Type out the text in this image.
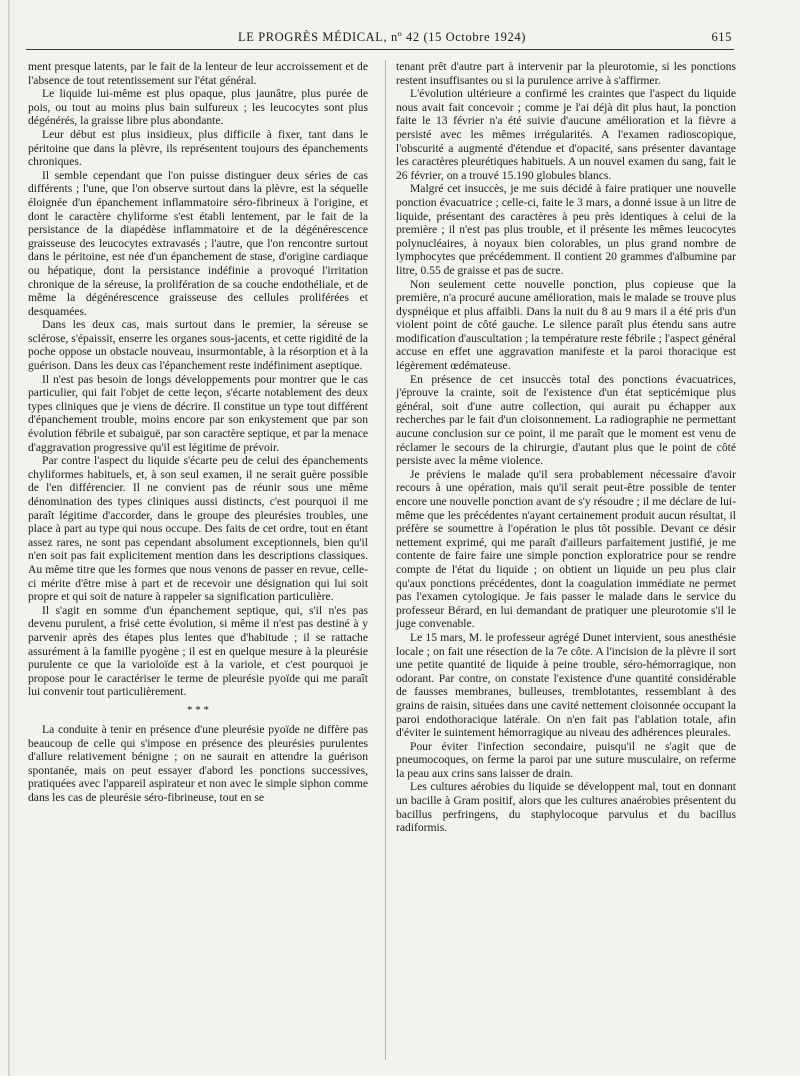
LE PROGRÈS MÉDICAL, nº 42 (15 Octobre 1924)	615

ment presque latents, par le fait de la lenteur de leur accroissement et de l'absence de tout retentissement sur l'état général.

Le liquide lui-même est plus opaque, plus jaunâtre, plus purée de pois, ou tout au moins plus bain sulfureux ; les leucocytes sont plus dégénérés, la graisse libre plus abondante.

Leur début est plus insidieux, plus difficile à fixer, tant dans le péritoine que dans la plèvre, ils représentent toujours des épanchements chroniques.

Il semble cependant que l'on puisse distinguer deux séries de cas différents ; l'une, que l'on observe surtout dans la plèvre, est la séquelle éloignée d'un épanchement inflammatoire séro-fibrineux à l'origine, et dont le caractère chyliforme s'est établi lentement, par le fait de la persistance de la diapédèse inflammatoire et de la dégénérescence graisseuse des leucocytes extravasés ; l'autre, que l'on rencontre surtout dans le péritoine, est née d'un épanchement de stase, d'origine cardiaque ou hépatique, dont la persistance indéfinie a provoqué l'irritation chronique de la séreuse, la prolifération de sa couche endothéliale, et de même la dégénérescence graisseuse des cellules proliférées et desquamées.

Dans les deux cas, mais surtout dans le premier, la séreuse se sclérose, s'épaissit, enserre les organes sous-jacents, et cette rigidité de la poche oppose un obstacle nouveau, insurmontable, à la résorption et à la guérison. Dans les deux cas l'épanchement reste indéfiniment aseptique.

Il n'est pas besoin de longs développements pour montrer que le cas particulier, qui fait l'objet de cette leçon, s'écarte notablement des deux types cliniques que je viens de décrire. Il constitue un type tout différent d'épanchement trouble, moins encore par son enkystement que par son évolution fébrile et subaiguë, par son caractère septique, et par la menace d'aggravation progressive qu'il est légitime de prévoir.

Par contre l'aspect du liquide s'écarte peu de celui des épanchements chyliformes habituels, et, à son seul examen, il ne serait guère possible de l'en différencier. Il ne convient pas de réunir sous une même dénomination des types cliniques aussi distincts, c'est pourquoi il me paraît légitime d'accorder, dans le groupe des pleurésies troubles, une place à part au type qui nous occupe. Des faits de cet ordre, tout en étant assez rares, ne sont pas cependant absolument exceptionnels, bien qu'il n'en soit pas fait explicitement mention dans les descriptions classiques. Au même titre que les formes que nous venons de passer en revue, celle-ci mérite d'être mise à part et de recevoir une désignation qui lui soit propre et qui soit de nature à rappeler sa signification particulière.

Il s'agit en somme d'un épanchement septique, qui, s'il n'es pas devenu purulent, a frisé cette évolution, si même il n'est pas destiné à y parvenir après des étapes plus lentes que d'habitude ; il se rattache assurément à la famille pyogène ; il est en quelque mesure à la pleurésie purulente ce que la varioloïde est à la variole, et c'est pourquoi je propose pour le caractériser le terme de pleurésie pyoïde qui me paraît lui convenir tout particulièrement.

* * *

La conduite à tenir en présence d'une pleurésie pyoïde ne diffère pas beaucoup de celle qui s'impose en présence des pleurésies purulentes d'allure relativement bénigne ; on ne saurait en attendre la guérison spontanée, mais on peut essayer d'abord les ponctions successives, pratiquées avec l'appareil aspirateur et non avec le simple siphon comme dans les cas de pleurésie séro-fibrineuse, tout en se

tenant prêt d'autre part à intervenir par la pleurotomie, si les ponctions restent insuffisantes ou si la purulence arrive à s'affirmer.

L'évolution ultérieure a confirmé les craintes que l'aspect du liquide nous avait fait concevoir ; comme je l'ai déjà dit plus haut, la ponction faite le 13 février n'a été suivie d'aucune amélioration et la fièvre a persisté avec les mêmes irrégularités. A l'examen radioscopique, l'obscurité a augmenté d'étendue et d'opacité, sans présenter davantage les caractères pleurétiques habituels. A un nouvel examen du sang, fait le 26 février, on a trouvé 15.190 globules blancs.

Malgré cet insuccès, je me suis décidé à faire pratiquer une nouvelle ponction évacuatrice ; celle-ci, faite le 3 mars, a donné issue à un litre de liquide, présentant des caractères à peu près identiques à celui de la première ; il n'est pas plus trouble, et il présente les mêmes leucocytes polynucléaires, à noyaux bien colorables, un plus grand nombre de lymphocytes que précédemment. Il contient 20 grammes d'albumine par litre, 0.55 de graisse et pas de sucre.

Non seulement cette nouvelle ponction, plus copieuse que la première, n'a procuré aucune amélioration, mais le malade se trouve plus dyspnéique et plus affaibli. Dans la nuit du 8 au 9 mars il a été pris d'un violent point de côté gauche. Le silence paraît plus étendu sans autre modification d'auscultation ; la température reste fébrile ; l'aspect général accuse en effet une aggravation manifeste et la paroi thoracique est légèrement œdémateuse.

En présence de cet insuccès total des ponctions évacuatrices, j'éprouve la crainte, soit de l'existence d'un état septicémique plus général, soit d'une autre collection, qui aurait pu échapper aux recherches par le fait d'un cloisonnement. La radiographie ne permettant aucune conclusion sur ce point, il me paraît que le moment est venu de réclamer le secours de la chirurgie, d'autant plus que le point de côté persiste avec la même violence.

Je préviens le malade qu'il sera probablement nécessaire d'avoir recours à une opération, mais qu'il serait peut-être possible de tenter encore une nouvelle ponction avant de s'y résoudre ; il me déclare de lui-même que les précédentes n'ayant certainement produit aucun résultat, il préfère se soumettre à l'opération le plus tôt possible. Devant ce désir nettement exprimé, qui me paraît d'ailleurs parfaitement justifié, je me contente de faire faire une simple ponction exploratrice pour se rendre compte de l'état du liquide ; on obtient un liquide un peu plus clair qu'aux ponctions précédentes, dont la coagulation immédiate ne permet pas l'examen cytologique. Je fais passer le malade dans le service du professeur Bérard, en lui demandant de pratiquer une pleurotomie s'il le juge convenable.

Le 15 mars, M. le professeur agrégé Dunet intervient, sous anesthésie locale ; on fait une résection de la 7e côte. A l'incision de la plèvre il sort une petite quantité de liquide à peine trouble, séro-hémorragique, non odorant. Par contre, on constate l'existence d'une quantité considérable de fausses membranes, bulleuses, tremblotantes, ressemblant à des grains de raisin, situées dans une cavité nettement cloisonnée occupant la paroi endothoracique latérale. On n'en fait pas l'ablation totale, afin d'éviter le suintement hémorragique au niveau des adhérences pleurales.

Pour éviter l'infection secondaire, puisqu'il ne s'agit que de pneumocoques, on ferme la paroi par une suture musculaire, on referme la peau aux crins sans laisser de drain.

Les cultures aérobies du liquide se développent mal, tout en donnant un bacille à Gram positif, alors que les cultures anaérobies présentent du bacillus perfringens, du staphylocoque parvulus et du bacillus radiformis.
